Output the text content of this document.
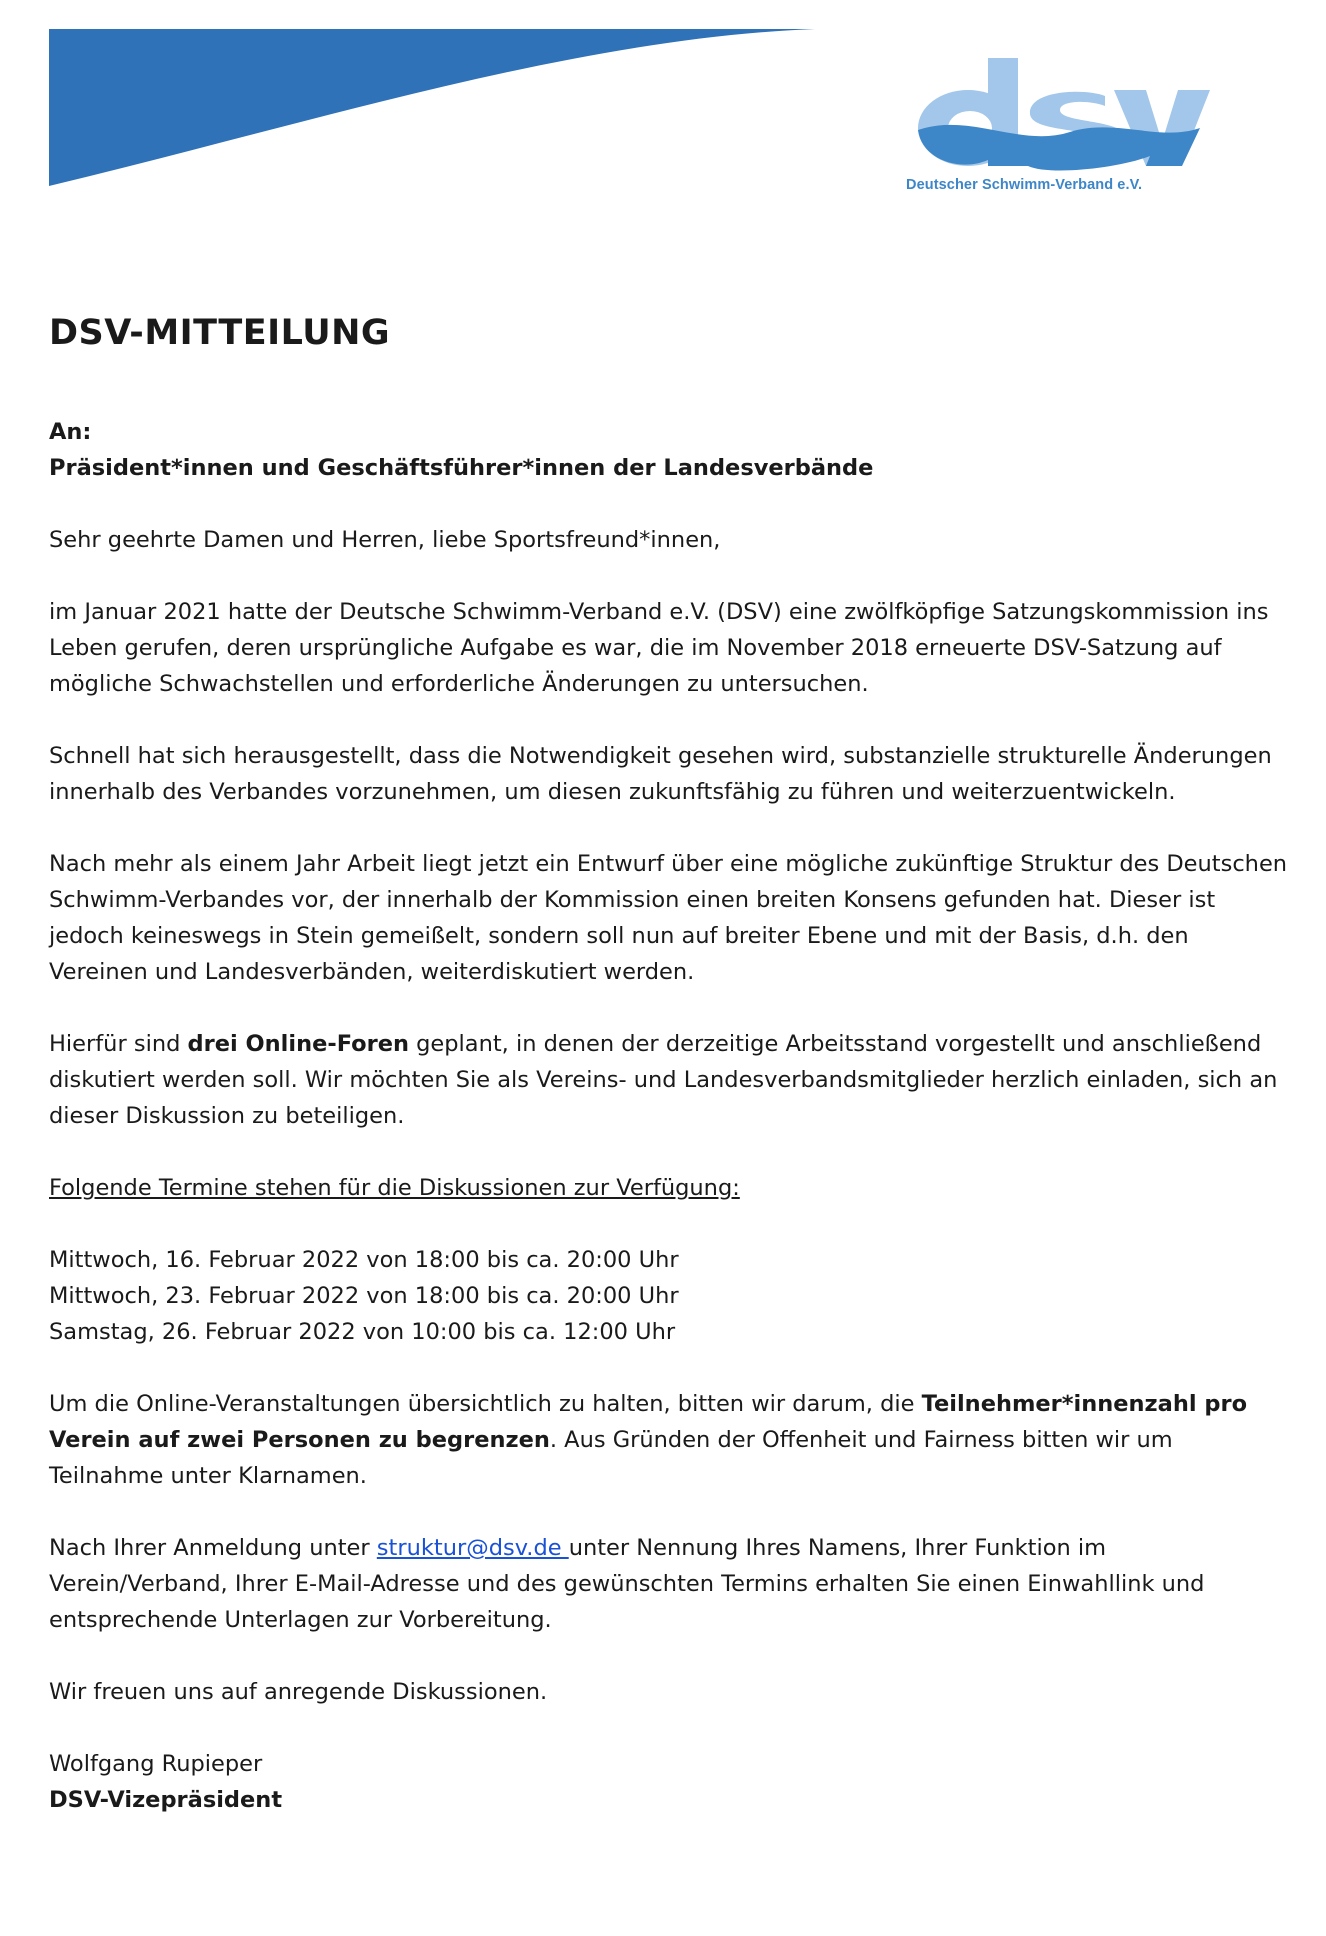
Deutscher Schwimm-Verband e.V.
DSV-MITTEILUNG

An:
Präsident*innen und Geschäftsführer*innen der Landesverbände

Sehr geehrte Damen und Herren, liebe Sportsfreund*innen,

im Januar 2021 hatte der Deutsche Schwimm-Verband e.V. (DSV) eine zwölfköpfige Satzungskommission ins Leben gerufen, deren ursprüngliche Aufgabe es war, die im November 2018 erneuerte DSV-Satzung auf mögliche Schwachstellen und erforderliche Änderungen zu untersuchen.

Schnell hat sich herausgestellt, dass die Notwendigkeit gesehen wird, substanzielle strukturelle Änderungen innerhalb des Verbandes vorzunehmen, um diesen zukunftsfähig zu führen und weiterzuentwickeln.

Nach mehr als einem Jahr Arbeit liegt jetzt ein Entwurf über eine mögliche zukünftige Struktur des Deutschen Schwimm-Verbandes vor, der innerhalb der Kommission einen breiten Konsens gefunden hat. Dieser ist jedoch keineswegs in Stein gemeißelt, sondern soll nun auf breiter Ebene und mit der Basis, d.h. den Vereinen und Landesverbänden, weiterdiskutiert werden.

Hierfür sind drei Online-Foren geplant, in denen der derzeitige Arbeitsstand vorgestellt und anschließend diskutiert werden soll. Wir möchten Sie als Vereins- und Landesverbandsmitglieder herzlich einladen, sich an dieser Diskussion zu beteiligen.

Folgende Termine stehen für die Diskussionen zur Verfügung:

Mittwoch, 16. Februar 2022 von 18:00 bis ca. 20:00 Uhr
Mittwoch, 23. Februar 2022 von 18:00 bis ca. 20:00 Uhr
Samstag, 26. Februar 2022 von 10:00 bis ca. 12:00 Uhr

Um die Online-Veranstaltungen übersichtlich zu halten, bitten wir darum, die Teilnehmer*innenzahl pro Verein auf zwei Personen zu begrenzen. Aus Gründen der Offenheit und Fairness bitten wir um Teilnahme unter Klarnamen.

Nach Ihrer Anmeldung unter struktur@dsv.de unter Nennung Ihres Namens, Ihrer Funktion im Verein/Verband, Ihrer E-Mail-Adresse und des gewünschten Termins erhalten Sie einen Einwahllink und entsprechende Unterlagen zur Vorbereitung.

Wir freuen uns auf anregende Diskussionen.

Wolfgang Rupieper
DSV-Vizepräsident
